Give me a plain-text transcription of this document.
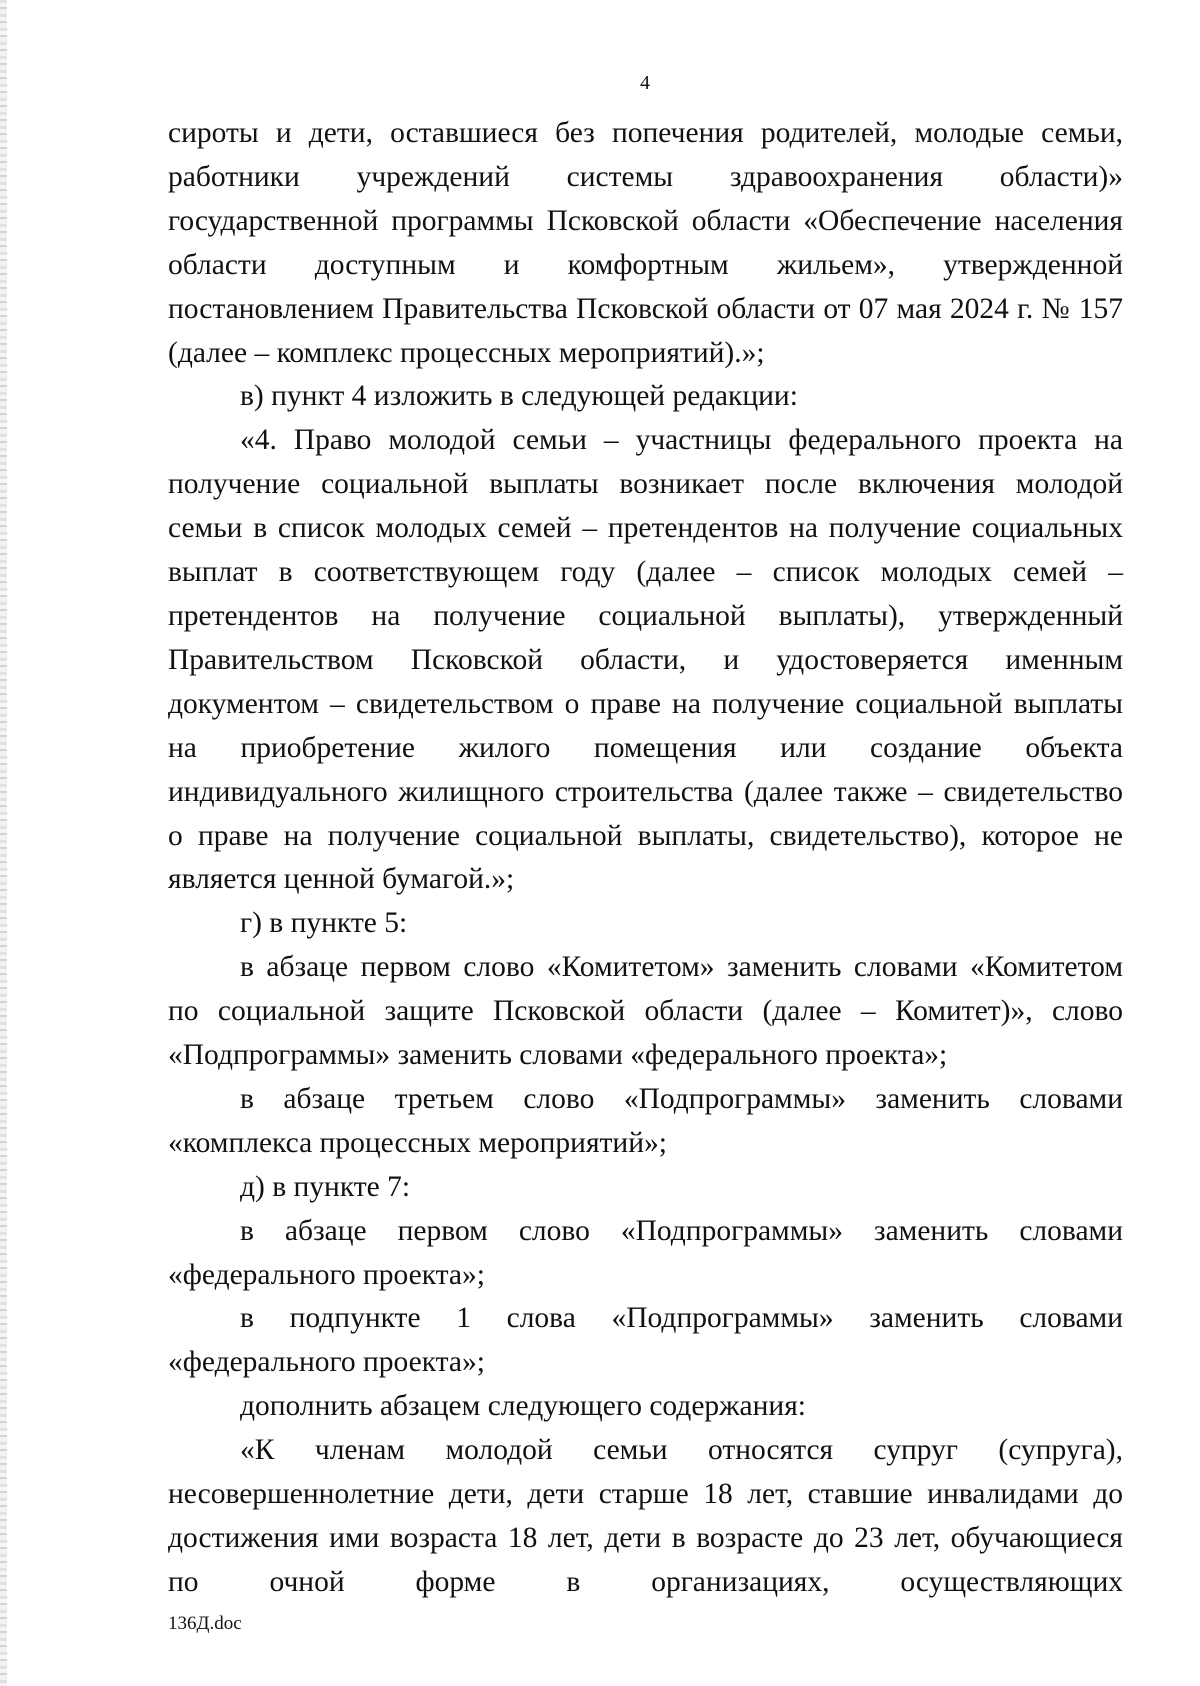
4

сироты и дети, оставшиеся без попечения родителей, молодые семьи, работники учреждений системы здравоохранения области)» государственной программы Псковской области «Обеспечение населения области доступным и комфортным жильем», утвержденной постановлением Правительства Псковской области от 07 мая 2024 г. № 157 (далее – комплекс процессных мероприятий).»;

в) пункт 4 изложить в следующей редакции:

«4. Право молодой семьи – участницы федерального проекта на получение социальной выплаты возникает после включения молодой семьи в список молодых семей – претендентов на получение социальных выплат в соответствующем году (далее – список молодых семей – претендентов на получение социальной выплаты), утвержденный Правительством Псковской области, и удостоверяется именным документом – свидетельством о праве на получение социальной выплаты на приобретение жилого помещения или создание объекта индивидуального жилищного строительства (далее также – свидетельство о праве на получение социальной выплаты, свидетельство), которое не является ценной бумагой.»;

г) в пункте 5:

в абзаце первом слово «Комитетом» заменить словами «Комитетом по социальной защите Псковской области (далее – Комитет)», слово «Подпрограммы» заменить словами «федерального проекта»;

в абзаце третьем слово «Подпрограммы» заменить словами «комплекса процессных мероприятий»;

д) в пункте 7:

в абзаце первом слово «Подпрограммы» заменить словами «федерального проекта»;

в подпункте 1 слова «Подпрограммы» заменить словами «федерального проекта»;

дополнить абзацем следующего содержания:

«К членам молодой семьи относятся супруг (супруга), несовершеннолетние дети, дети старше 18 лет, ставшие инвалидами до достижения ими возраста 18 лет, дети в возрасте до 23 лет, обучающиеся по очной форме в организациях, осуществляющих

136Д.doc
